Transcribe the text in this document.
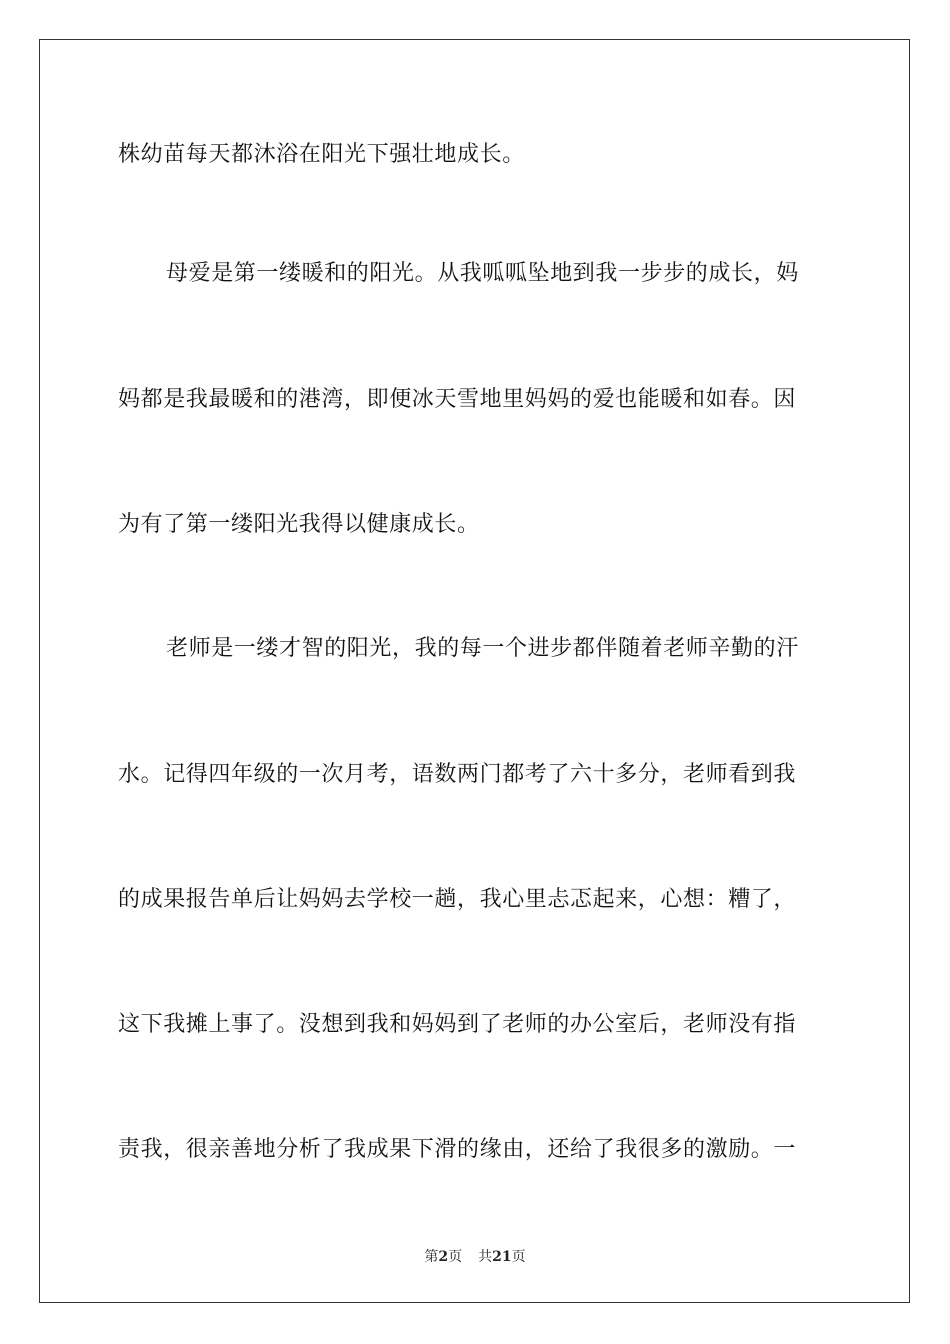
株幼苗每天都沐浴在阳光下强壮地成长。
母爱是第一缕暖和的阳光。从我呱呱坠地到我一步步的成长，妈
妈都是我最暖和的港湾，即便冰天雪地里妈妈的爱也能暖和如春。因
为有了第一缕阳光我得以健康成长。
老师是一缕才智的阳光，我的每一个进步都伴随着老师辛勤的汗
水。记得四年级的一次月考，语数两门都考了六十多分，老师看到我
的成果报告单后让妈妈去学校一趟，我心里忐忑起来，心想：糟了，
这下我摊上事了。没想到我和妈妈到了老师的办公室后，老师没有指
责我，很亲善地分析了我成果下滑的缘由，还给了我很多的激励。一
第2页 共21页
